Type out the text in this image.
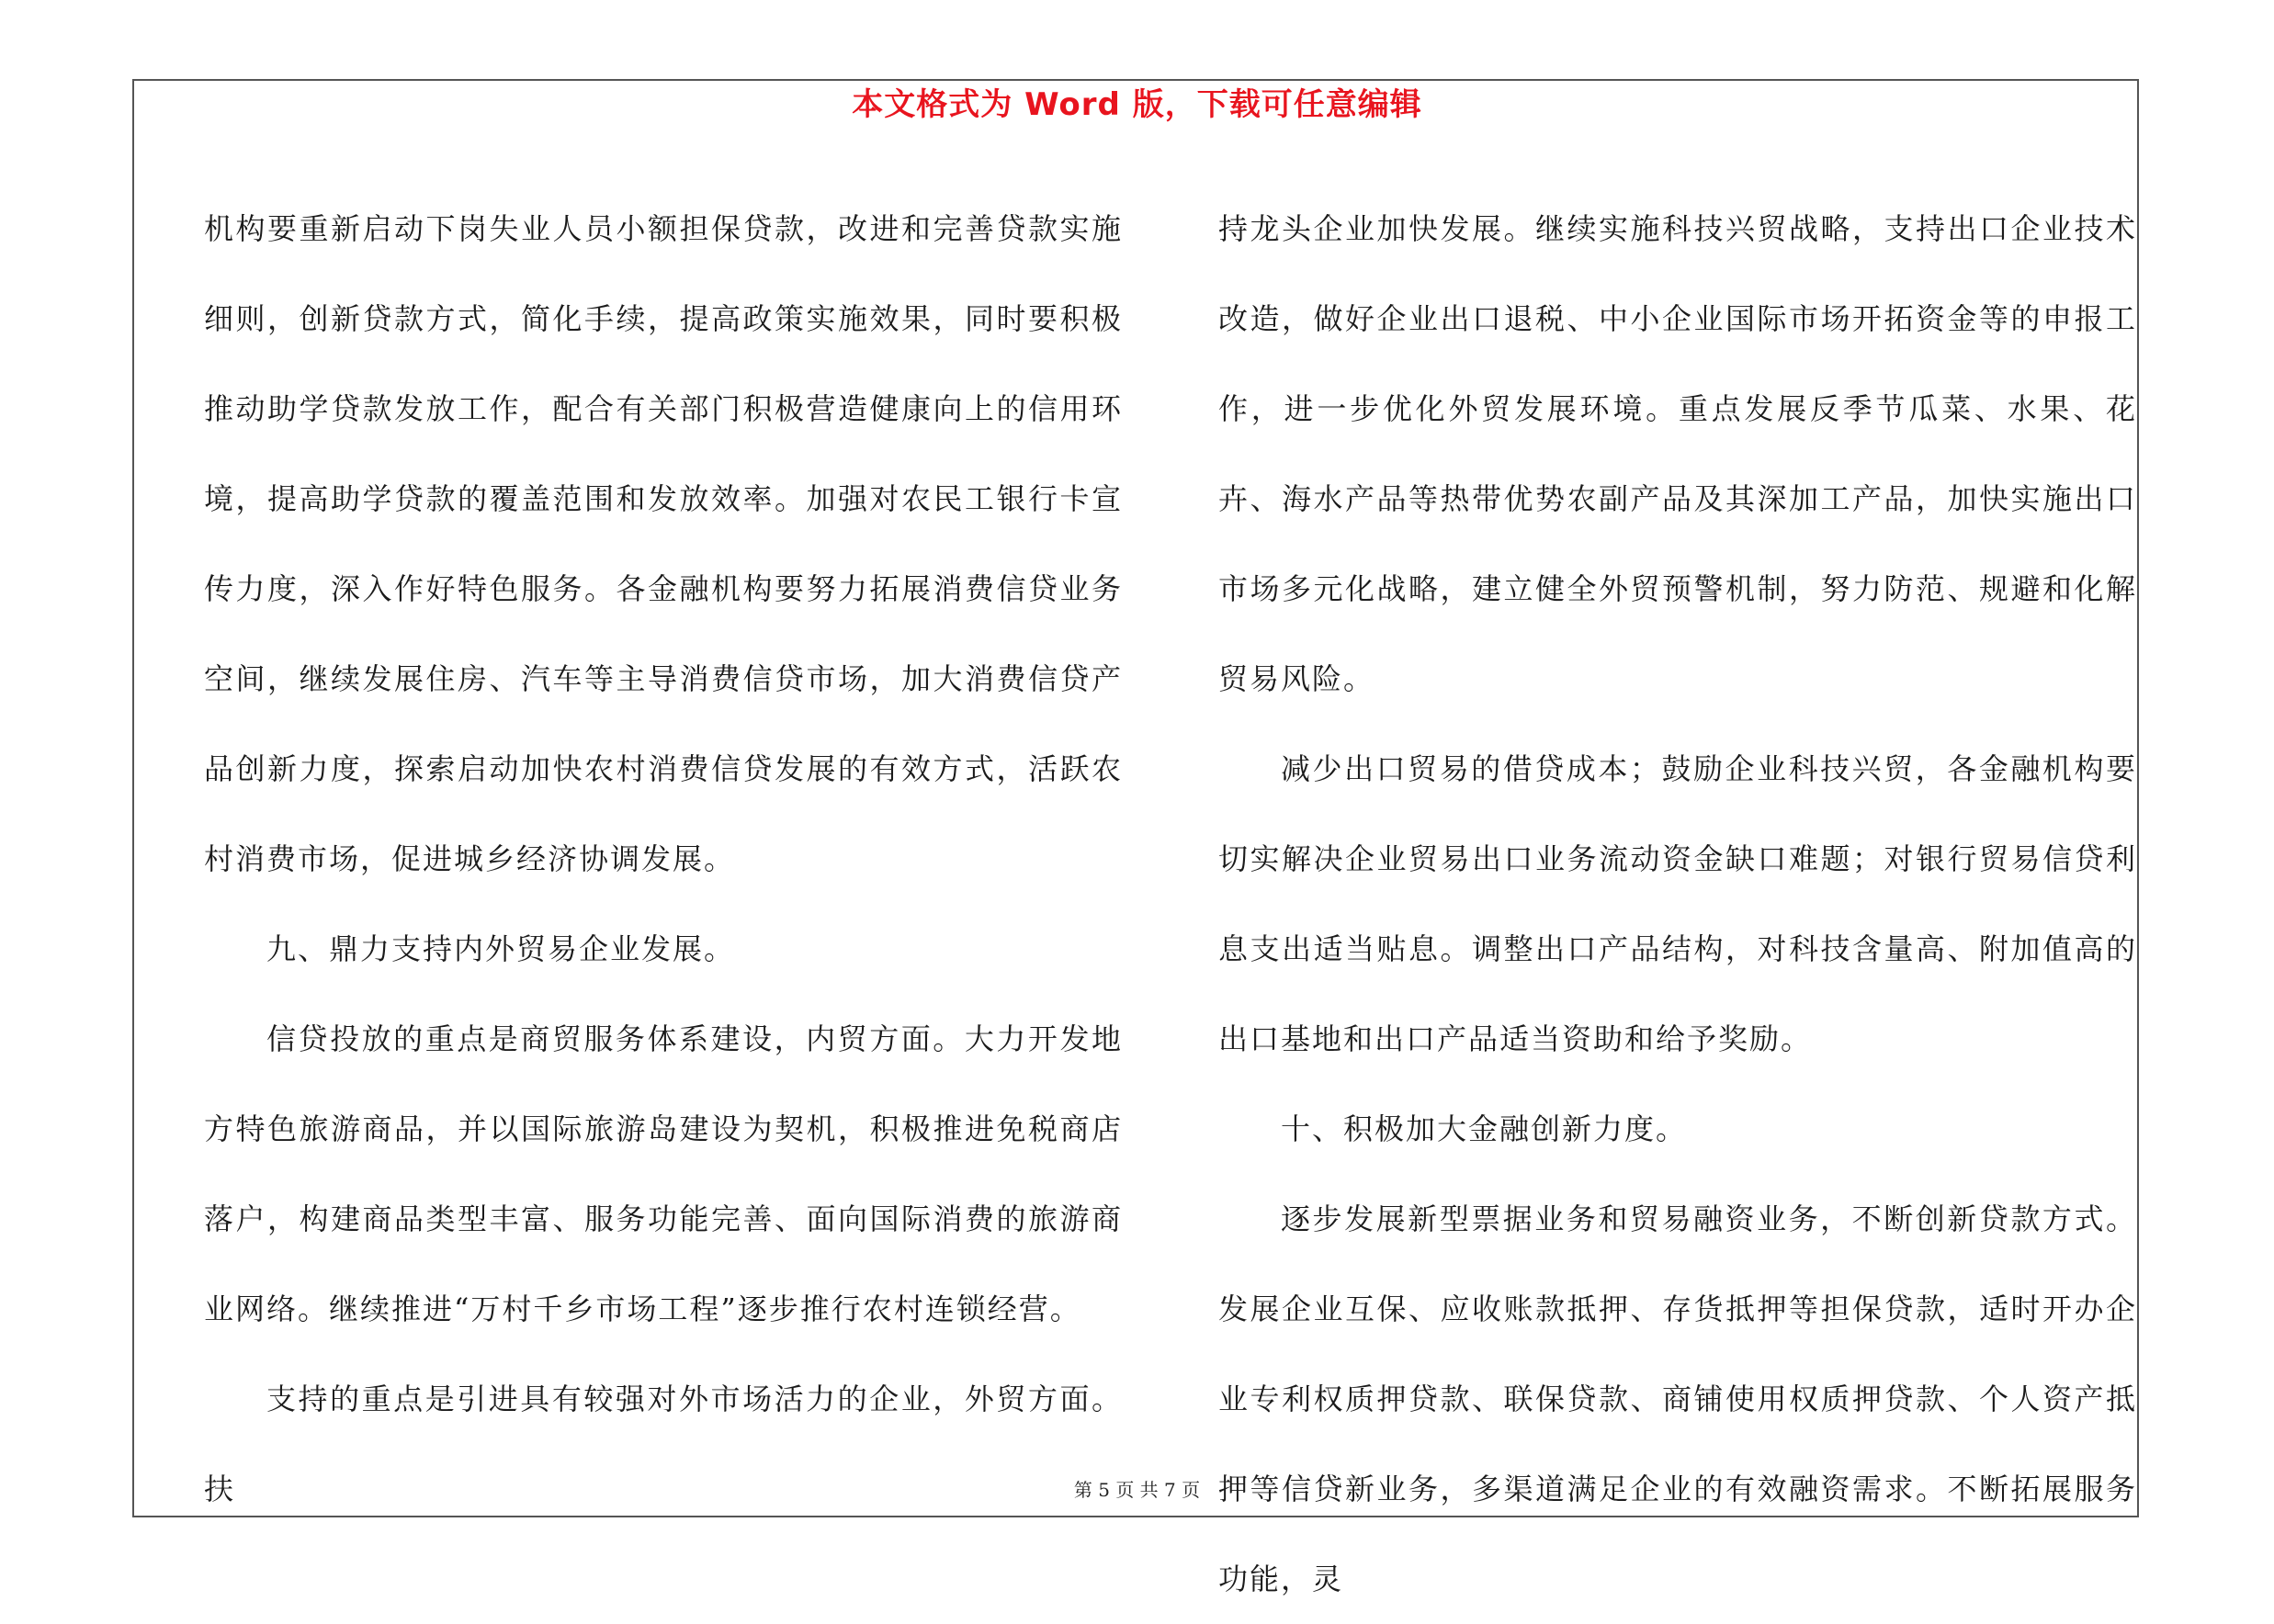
本文格式为 Word 版，下载可任意编辑

机构要重新启动下岗失业人员小额担保贷款，改进和完善贷款实施细则，创新贷款方式，简化手续，提高政策实施效果，同时要积极推动助学贷款发放工作，配合有关部门积极营造健康向上的信用环境，提高助学贷款的覆盖范围和发放效率。加强对农民工银行卡宣传力度，深入作好特色服务。各金融机构要努力拓展消费信贷业务空间，继续发展住房、汽车等主导消费信贷市场，加大消费信贷产品创新力度，探索启动加快农村消费信贷发展的有效方式，活跃农村消费市场，促进城乡经济协调发展。

九、鼎力支持内外贸易企业发展。

信贷投放的重点是商贸服务体系建设，内贸方面。大力开发地方特色旅游商品，并以国际旅游岛建设为契机，积极推进免税商店落户，构建商品类型丰富、服务功能完善、面向国际消费的旅游商业网络。继续推进“万村千乡市场工程”逐步推行农村连锁经营。

支持的重点是引进具有较强对外市场活力的企业，外贸方面。扶

持龙头企业加快发展。继续实施科技兴贸战略，支持出口企业技术改造，做好企业出口退税、中小企业国际市场开拓资金等的申报工作，进一步优化外贸发展环境。重点发展反季节瓜菜、水果、花卉、海水产品等热带优势农副产品及其深加工产品，加快实施出口市场多元化战略，建立健全外贸预警机制，努力防范、规避和化解贸易风险。

减少出口贸易的借贷成本；鼓励企业科技兴贸，各金融机构要切实解决企业贸易出口业务流动资金缺口难题；对银行贸易信贷利息支出适当贴息。调整出口产品结构，对科技含量高、附加值高的出口基地和出口产品适当资助和给予奖励。

十、积极加大金融创新力度。

逐步发展新型票据业务和贸易融资业务，不断创新贷款方式。发展企业互保、应收账款抵押、存货抵押等担保贷款，适时开办企业专利权质押贷款、联保贷款、商铺使用权质押贷款、个人资产抵押等信贷新业务，多渠道满足企业的有效融资需求。不断拓展服务功能，灵

第 5 页 共 7 页
